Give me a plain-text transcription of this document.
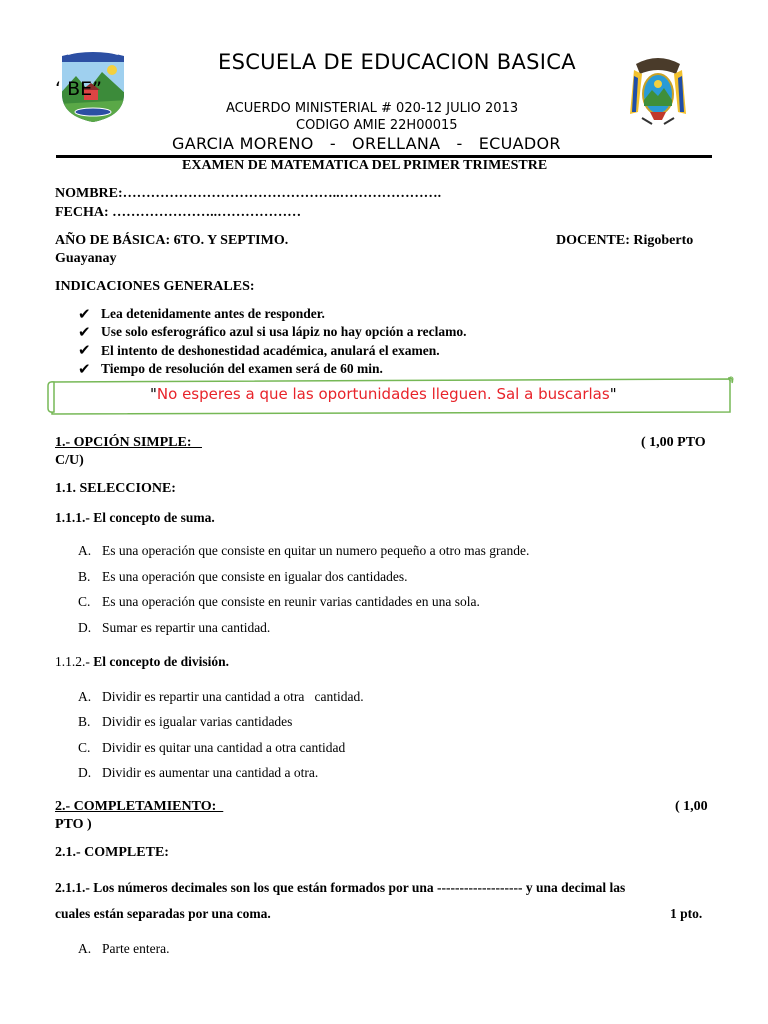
ESCUELA DE EDUCACION BASICA
‘ BE”
ACUERDO MINISTERIAL # 020-12 JULIO 2013
CODIGO AMIE 22H00015
GARCIA MORENO   -   ORELLANA   -   ECUADOR
EXAMEN DE MATEMATICA DEL PRIMER TRIMESTRE
NOMBRE:………………………………………..………………….
FECHA: …………………..………………
AÑO DE BÁSICA: 6TO. Y SEPTIMO.	DOCENTE: Rigoberto
Guayanay
INDICACIONES GENERALES:
✔ Lea detenidamente antes de responder.
✔ Use solo esferográfico azul si usa lápiz no hay opción a reclamo.
✔ El intento de deshonestidad académica, anulará el examen.
✔ Tiempo de resolución del examen será de 60 min.
"No esperes a que las oportunidades lleguen. Sal a buscarlas"
1.- OPCIÓN SIMPLE:	( 1,00 PTO
C/U)
1.1. SELECCIONE:
1.1.1.- El concepto de suma.
A. Es una operación que consiste en quitar un numero pequeño a otro mas grande.
B. Es una operación que consiste en igualar dos cantidades.
C. Es una operación que consiste en reunir varias cantidades en una sola.
D. Sumar es repartir una cantidad.
1.1.2.- El concepto de división.
A. Dividir es repartir una cantidad a otra   cantidad.
B. Dividir es igualar varias cantidades
C. Dividir es quitar una cantidad a otra cantidad
D. Dividir es aumentar una cantidad a otra.
2.- COMPLETAMIENTO:	( 1,00
PTO )
2.1.- COMPLETE:
2.1.1.- Los números decimales son los que están formados por una ------------------- y una decimal las
cuales están separadas por una coma.	1 pto.
A. Parte entera.
